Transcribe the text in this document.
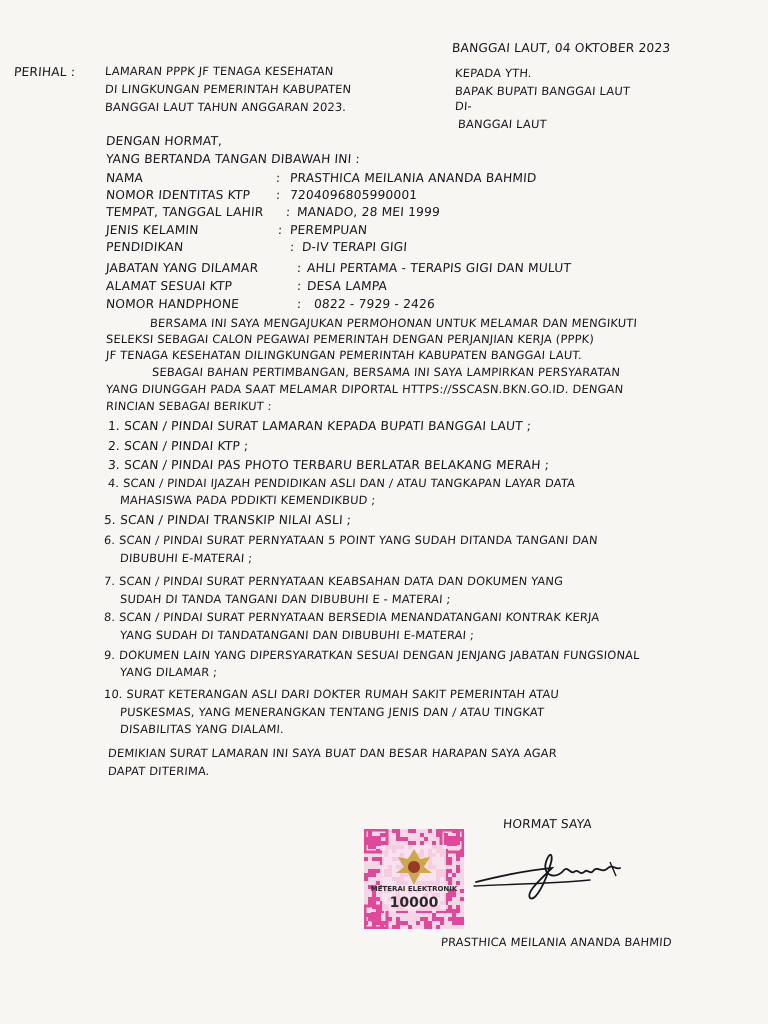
BANGGAI LAUT, 04 OKTOBER 2023
PERIHAL :	LAMARAN PPPK JF TENAGA KESEHATAN
DI LINGKUNGAN PEMERINTAH KABUPATEN
BANGGAI LAUT TAHUN ANGGARAN 2023.
KEPADA YTH.
BAPAK BUPATI BANGGAI LAUT
DI-
BANGGAI LAUT
DENGAN HORMAT,
YANG BERTANDA TANGAN DIBAWAH INI :
NAMA	: PRASTHICA MEILANIA ANANDA BAHMID
NOMOR IDENTITAS KTP : 7204096805990001
TEMPAT, TANGGAL LAHIR : MANADO, 28 MEI 1999
JENIS KELAMIN	: PEREMPUAN
PENDIDIKAN	: D-IV TERAPI GIGI
JABATAN YANG DILAMAR	: AHLI PERTAMA - TERAPIS GIGI DAN MULUT
ALAMAT SESUAI KTP	: DESA LAMPA
NOMOR HANDPHONE	: 0822 - 7929 - 2426
BERSAMA INI SAYA MENGAJUKAN PERMOHONAN UNTUK MELAMAR DAN MENGIKUTI
SELEKSI SEBAGAI CALON PEGAWAI PEMERINTAH DENGAN PERJANJIAN KERJA (PPPK)
JF TENAGA KESEHATAN DILINGKUNGAN PEMERINTAH KABUPATEN BANGGAI LAUT.
SEBAGAI BAHAN PERTIMBANGAN, BERSAMA INI SAYA LAMPIRKAN PERSYARATAN
YANG DIUNGGAH PADA SAAT MELAMAR DIPORTAL HTTPS://SSCASN.BKN.GO.ID. DENGAN
RINCIAN SEBAGAI BERIKUT :
1. SCAN / PINDAI SURAT LAMARAN KEPADA BUPATI BANGGAI LAUT ;
2. SCAN / PINDAI KTP ;
3. SCAN / PINDAI PAS PHOTO TERBARU BERLATAR BELAKANG MERAH ;
4. SCAN / PINDAI IJAZAH PENDIDIKAN ASLI DAN / ATAU TANGKAPAN LAYAR DATA
MAHASISWA PADA PDDIKTI KEMENDIKBUD ;
5. SCAN / PINDAI TRANSKIP NILAI ASLI ;
6. SCAN / PINDAI SURAT PERNYATAAN 5 POINT YANG SUDAH DITANDA TANGANI DAN
DIBUBUHI E-MATERAI ;
7. SCAN / PINDAI SURAT PERNYATAAN KEABSAHAN DATA DAN DOKUMEN YANG
SUDAH DI TANDA TANGANI DAN DIBUBUHI E - MATERAI ;
8. SCAN / PINDAI SURAT PERNYATAAN BERSEDIA MENANDATANGANI KONTRAK KERJA
YANG SUDAH DI TANDATANGANI DAN DIBUBUHI E-MATERAI ;
9. DOKUMEN LAIN YANG DIPERSYARATKAN SESUAI DENGAN JENJANG JABATAN FUNGSIONAL
YANG DILAMAR ;
10. SURAT KETERANGAN ASLI DARI DOKTER RUMAH SAKIT PEMERINTAH ATAU
PUSKESMAS, YANG MENERANGKAN TENTANG JENIS DAN / ATAU TINGKAT
DISABILITAS YANG DIALAMI.
DEMIKIAN SURAT LAMARAN INI SAYA BUAT DAN BESAR HARAPAN SAYA AGAR
DAPAT DITERIMA.
HORMAT SAYA
METERAI ELEKTRONIK
10000
PRASTHICA MEILANIA ANANDA BAHMID
